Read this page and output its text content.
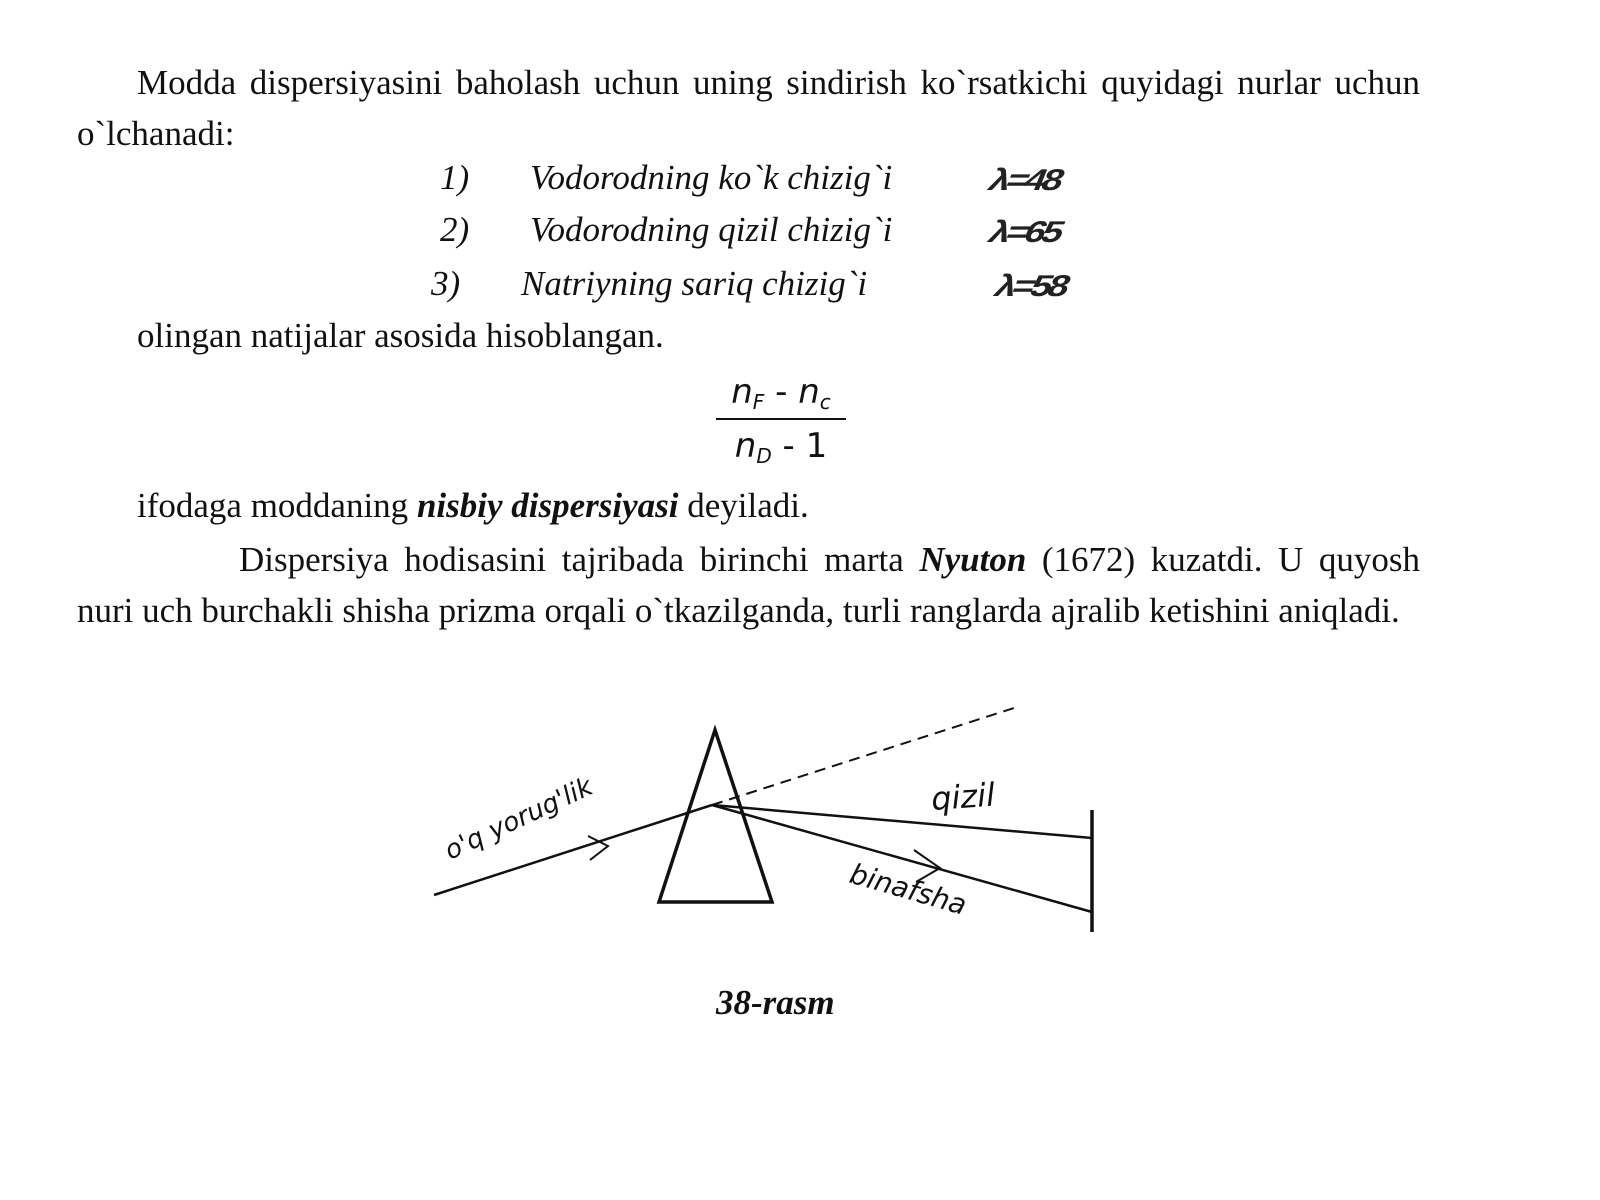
Modda dispersiyasini baholash uchun uning sindirish ko`rsatkichi quyidagi nurlar uchun o`lchanadi:
1) Vodorodning ko`k chizig`i	λ=48
2) Vodorodning qizil chizig`i	λ=65
3) Natriyning sariq chizig`i	λ=58
olingan natijalar asosida hisoblangan.
$n_F - n_c$
$n_D - 1$
ifodaga moddaning nisbiy dispersiyasi deyiladi.
Dispersiya hodisasini tajribada birinchi marta Nyuton (1672) kuzatdi. U quyosh nuri uch burchakli shisha prizma orqali o`tkazilganda, turli ranglarda ajralib ketishini aniqladi.
o'q yorug'lik	qizil
binafsha
38-rasm
